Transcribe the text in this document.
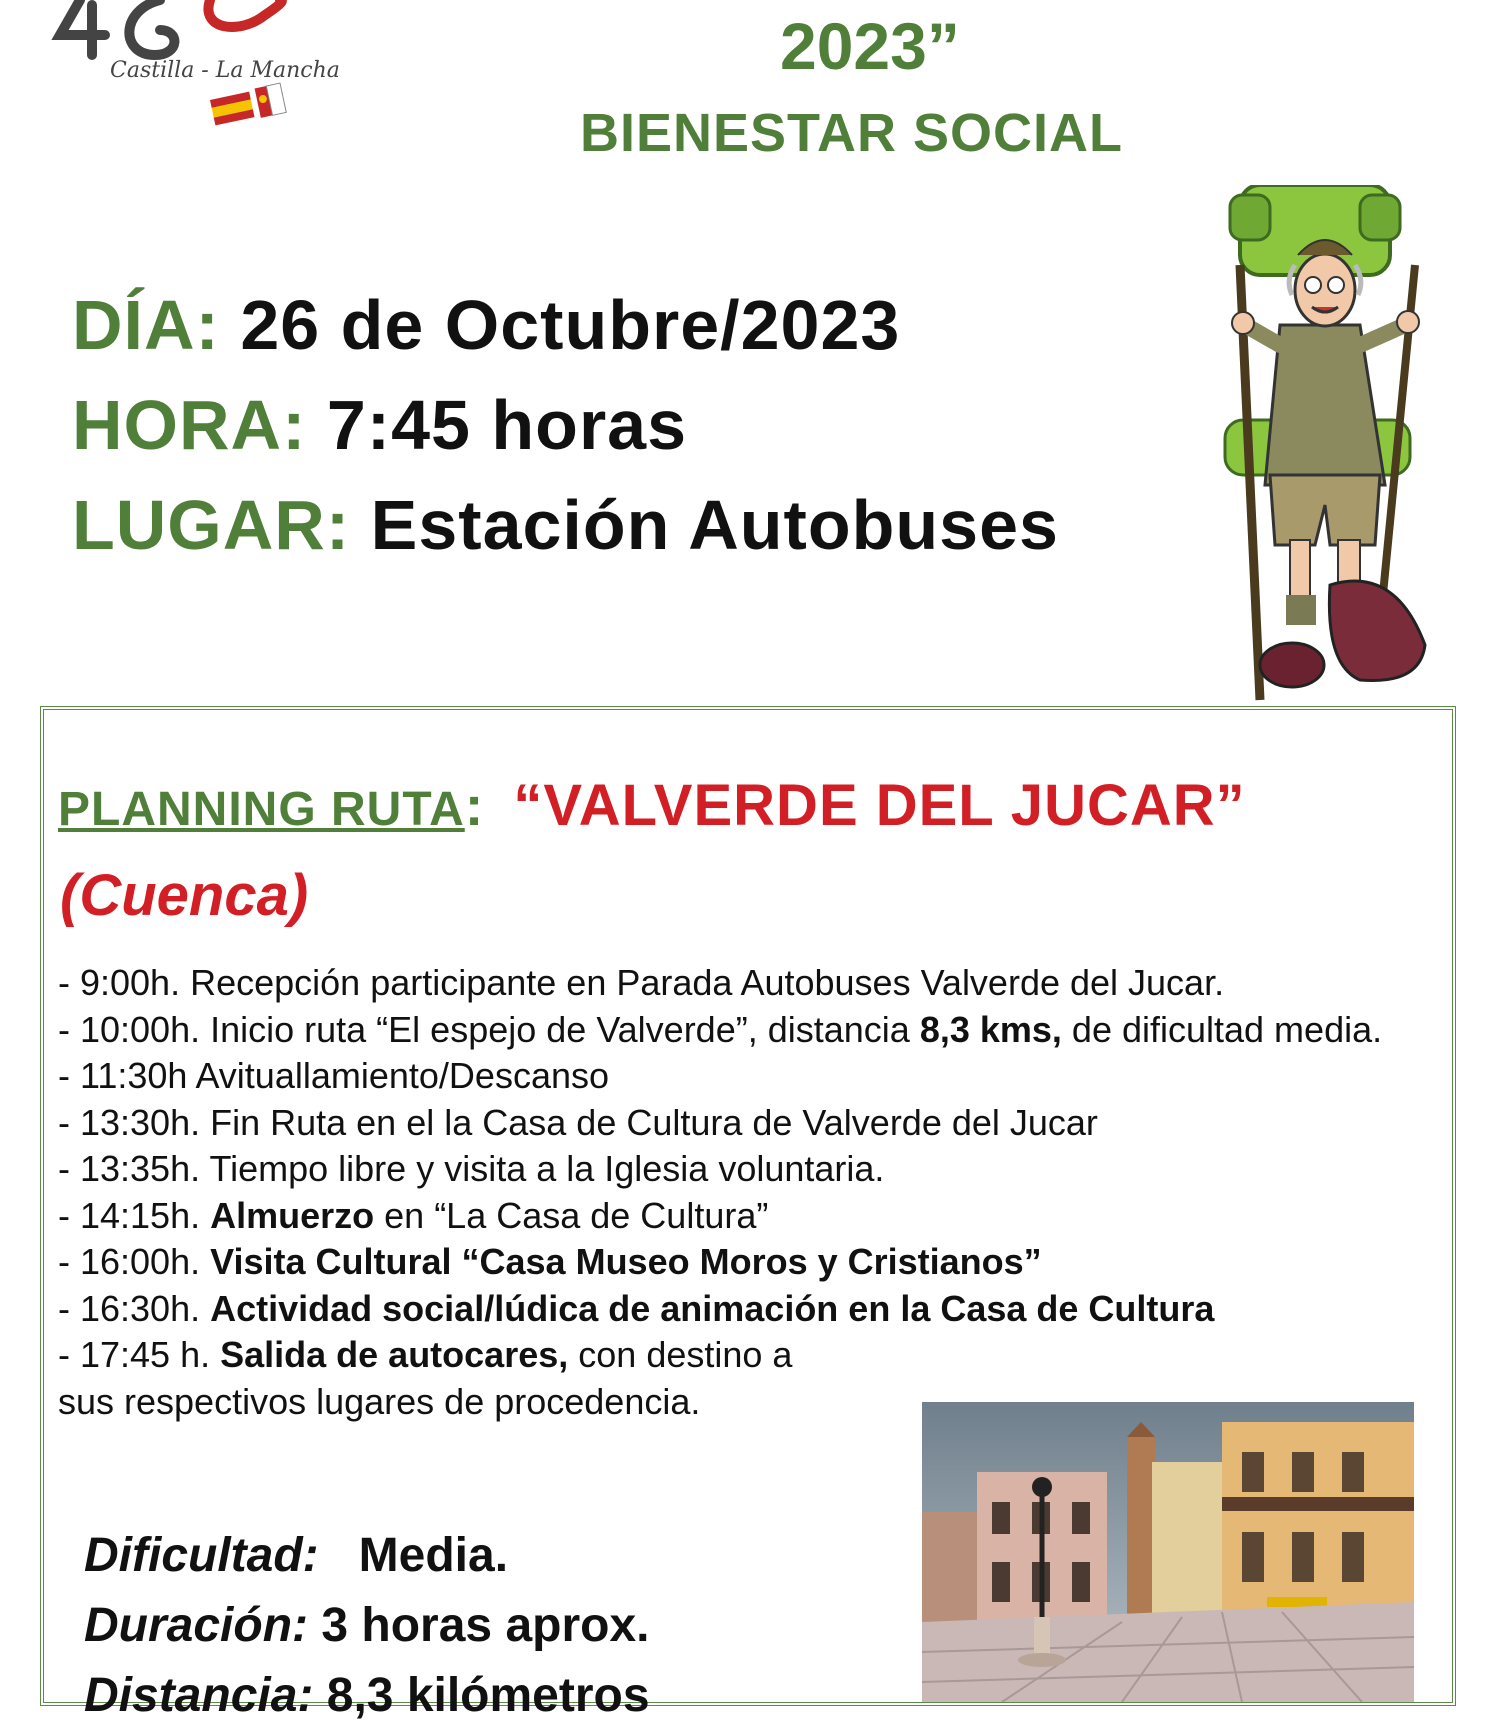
Castilla - La Mancha	2023”
BIENESTAR SOCIAL
DÍA: 26 de Octubre/2023
HORA: 7:45 horas
LUGAR: Estación Autobuses
PLANNING RUTA: “VALVERDE DEL JUCAR”
(Cuenca)
- 9:00h. Recepción participante en Parada Autobuses Valverde del Jucar.
- 10:00h. Inicio ruta “El espejo de Valverde”, distancia 8,3 kms, de dificultad media.
- 11:30h Avituallamiento/Descanso
- 13:30h. Fin Ruta en el la Casa de Cultura de Valverde del Jucar
- 13:35h. Tiempo libre y visita a la Iglesia voluntaria.
- 14:15h. Almuerzo en “La Casa de Cultura”
- 16:00h. Visita Cultural “Casa Museo Moros y Cristianos”
- 16:30h. Actividad social/lúdica de animación en la Casa de Cultura
- 17:45 h. Salida de autocares, con destino a
sus respectivos lugares de procedencia.
Dificultad: Media.
Duración: 3 horas aprox.
Distancia: 8,3 kilómetros
